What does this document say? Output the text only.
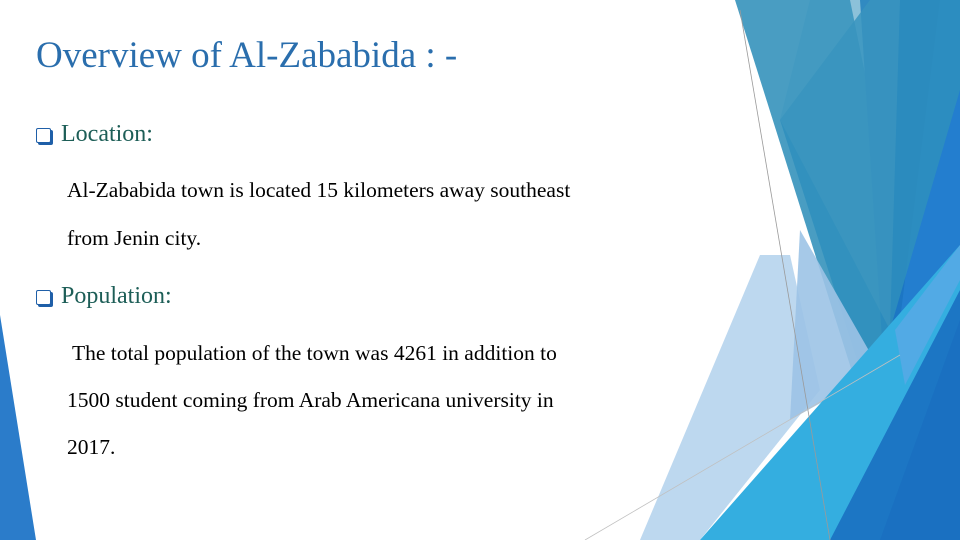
Overview of Al-Zababida : -
Location:
Al-Zababida town is located 15 kilometers away southeast
from Jenin city.
Population:
The total population of the town was 4261 in addition to
1500 student coming from Arab Americana university in
2017.
